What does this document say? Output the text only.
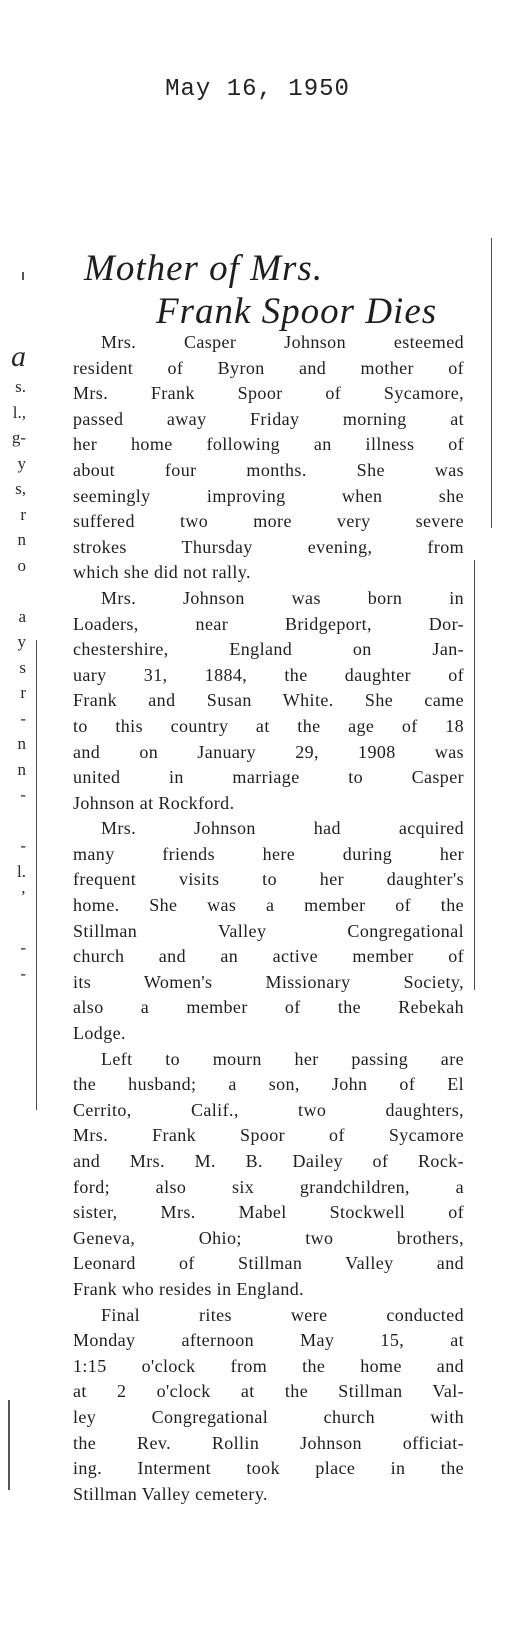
May 16, 1950
a
s.
l.,
g-
y
s,
r
n
o

a
y
s
r
-
n
n
-

-
l.
’

-
-

Mother of Mrs.
Frank Spoor Dies

Mrs. Casper Johnson esteemed
resident of Byron and mother of
Mrs. Frank Spoor of Sycamore,
passed away Friday morning at
her home following an illness of
about four months. She was
seemingly improving when she
suffered two more very severe
strokes Thursday evening, from
which she did not rally.

Mrs. Johnson was born in
Loaders, near Bridgeport, Dor-
chestershire, England on Jan-
uary 31, 1884, the daughter of
Frank and Susan White. She came
to this country at the age of 18
and on January 29, 1908 was
united in marriage to Casper
Johnson at Rockford.

Mrs. Johnson had acquired
many friends here during her
frequent visits to her daughter's
home. She was a member of the
Stillman Valley Congregational
church and an active member of
its Women's Missionary Society,
also a member of the Rebekah
Lodge.

Left to mourn her passing are
the husband; a son, John of El
Cerrito, Calif., two daughters,
Mrs. Frank Spoor of Sycamore
and Mrs. M. B. Dailey of Rock-
ford; also six grandchildren, a
sister, Mrs. Mabel Stockwell of
Geneva, Ohio; two brothers,
Leonard of Stillman Valley and
Frank who resides in England.

Final rites were conducted
Monday afternoon May 15, at
1:15 o'clock from the home and
at 2 o'clock at the Stillman Val-
ley Congregational church with
the Rev. Rollin Johnson officiat-
ing. Interment took place in the
Stillman Valley cemetery.
